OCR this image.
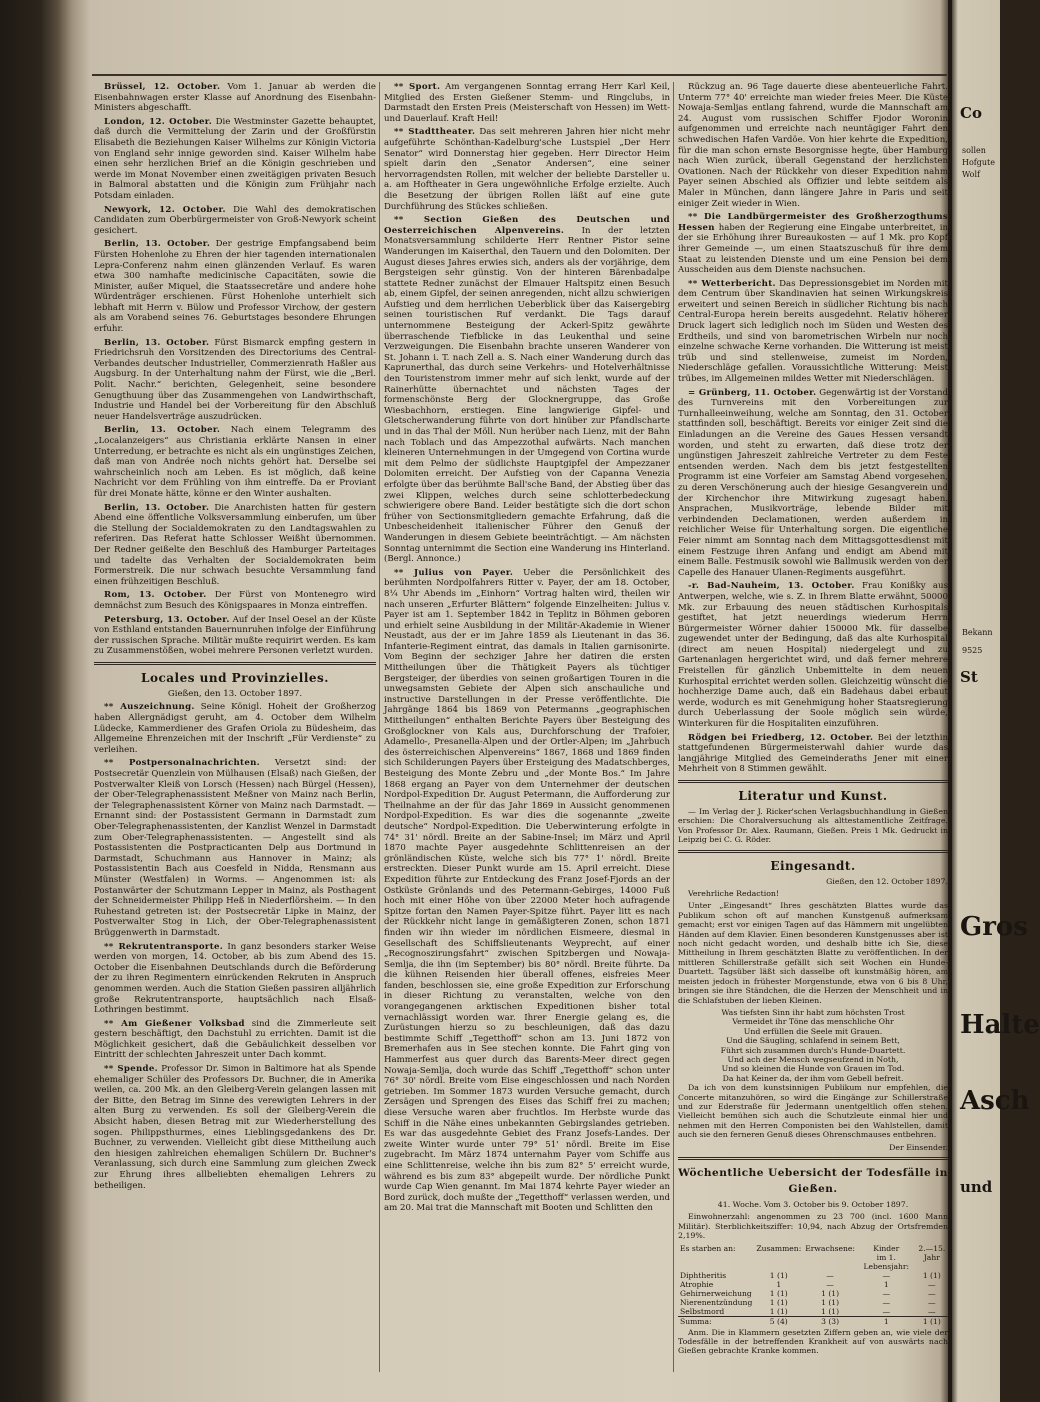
Brüssel, 12. October. Vom 1. Januar ab werden die Eisenbahnwagen erster Klasse auf Anordnung des Eisenbahn-Ministers abgeschafft.

London, 12. October. Die Westminster Gazette behauptet, daß durch die Vermittelung der Zarin und der Großfürstin Elisabeth die Beziehungen Kaiser Wilhelms zur Königin Victoria von England sehr innige geworden sind. Kaiser Wilhelm habe einen sehr herzlichen Brief an die Königin geschrieben und werde im Monat November einen zweitägigen privaten Besuch in Balmoral abstatten und die Königin zum Frühjahr nach Potsdam einladen.

Newyork, 12. October. Die Wahl des demokratischen Candidaten zum Oberbürgermeister von Groß-Newyork scheint gesichert.

Berlin, 13. October. Der gestrige Empfangsabend beim Fürsten Hohenlohe zu Ehren der hier tagenden internationalen Lepra-Conferenz nahm einen glänzenden Verlauf. Es waren etwa 300 namhafte medicinische Capacitäten, sowie die Minister, außer Miquel, die Staatssecretäre und andere hohe Würdenträger erschienen. Fürst Hohenlohe unterhielt sich lebhaft mit Herrn v. Bülow und Professor Virchow, der gestern als am Vorabend seines 76. Geburtstages besondere Ehrungen erfuhr.

Berlin, 13. October. Fürst Bismarck empfing gestern in Friedrichsruh den Vorsitzenden des Directoriums des Central-Verbandes deutscher Industrieller, Commerzienrath Haßler aus Augsburg. In der Unterhaltung nahm der Fürst, wie die „Berl. Polit. Nachr.“ berichten, Gelegenheit, seine besondere Genugthuung über das Zusammengehen von Landwirthschaft, Industrie und Handel bei der Vorbereitung für den Abschluß neuer Handelsverträge auszudrücken.

Berlin, 13. October. Nach einem Telegramm des „Localanzeigers“ aus Christiania erklärte Nansen in einer Unterredung, er betrachte es nicht als ein ungünstiges Zeichen, daß man von Andrée noch nichts gehört hat. Derselbe sei wahrscheinlich noch am Leben. Es ist möglich, daß keine Nachricht vor dem Frühling von ihm eintreffe. Da er Proviant für drei Monate hätte, könne er den Winter aushalten.

Berlin, 13. October. Die Anarchisten hatten für gestern Abend eine öffentliche Volksversammlung einberufen, um über die Stellung der Socialdemokraten zu den Landtagswahlen zu referiren. Das Referat hatte Schlosser Weißht übernommen. Der Redner geißelte den Beschluß des Hamburger Parteitages und tadelte das Verhalten der Socialdemokraten beim Formerstreik. Die nur schwach besuchte Versammlung fand einen frühzeitigen Beschluß.

Rom, 13. October. Der Fürst von Montenegro wird demnächst zum Besuch des Königspaares in Monza eintreffen.

Petersburg, 13. October. Auf der Insel Oesel an der Küste von Esthland entstanden Bauernunruhen infolge der Einführung der russischen Sprache. Militär mußte requirirt werden. Es kam zu Zusammenstößen, wobei mehrere Personen verletzt wurden.

Locales und Provinzielles.

Gießen, den 13. October 1897.

** Auszeichnung. Seine Königl. Hoheit der Großherzog haben Allergnädigst geruht, am 4. October dem Wilhelm Lüdecke, Kammerdiener des Grafen Oriola zu Büdesheim, das Allgemeine Ehrenzeichen mit der Inschrift „Für Verdienste“ zu verleihen.

** Postpersonalnachrichten. Versetzt sind: der Postsecretär Quenzlein von Mülhausen (Elsaß) nach Gießen, der Postverwalter Kleiß von Lorsch (Hessen) nach Bürgel (Hessen), der Ober-Telegraphenassistent Meßner von Mainz nach Berlin, der Telegraphenassistent Körner von Mainz nach Darmstadt. — Ernannt sind: der Postassistent Germann in Darmstadt zum Ober-Telegraphenassistenten, der Kanzlist Wenzel in Darmstadt zum Ober-Telegraphenassistenten. — Angestellt sind als Postassistenten die Postpracticanten Delp aus Dortmund in Darmstadt, Schuchmann aus Hannover in Mainz; als Postassistentin Bach aus Coesfeld in Nidda, Rensmann aus Münster (Westfalen) in Worms. — Angenommen ist: als Postanwärter der Schutzmann Lepper in Mainz, als Posthagent der Schneidermeister Philipp Heß in Niederflörsheim. — In den Ruhestand getreten ist: der Postsecretär Lipke in Mainz, der Postverwalter Stog in Lich, der Ober-Telegraphenassistent Brüggenwerth in Darmstadt.

** Rekrutentransporte. In ganz besonders starker Weise werden von morgen, 14. October, ab bis zum Abend des 15. October die Eisenbahnen Deutschlands durch die Beförderung der zu ihren Regimentern einrückenden Rekruten in Anspruch genommen werden. Auch die Station Gießen passiren alljährlich große Rekrutentransporte, hauptsächlich nach Elsaß-Lothringen bestimmt.

** Am Gießener Volksbad sind die Zimmerleute seit gestern beschäftigt, den Dachstuhl zu errichten. Damit ist die Möglichkeit gesichert, daß die Gebäulichkeit desselben vor Eintritt der schlechten Jahreszeit unter Dach kommt.

** Spende. Professor Dr. Simon in Baltimore hat als Spende ehemaliger Schüler des Professors Dr. Buchner, die in Amerika weilen, ca. 200 Mk. an den Gleiberg-Verein gelangen lassen mit der Bitte, den Betrag im Sinne des verewigten Lehrers in der alten Burg zu verwenden. Es soll der Gleiberg-Verein die Absicht haben, diesen Betrag mit zur Wiederherstellung des sogen. Philippsthurmes, eines Lieblingsgedankens des Dr. Buchner, zu verwenden. Vielleicht gibt diese Mittheilung auch den hiesigen zahlreichen ehemaligen Schülern Dr. Buchner's Veranlassung, sich durch eine Sammlung zum gleichen Zweck zur Ehrung ihres allbeliebten ehemaligen Lehrers zu betheiligen.

** Sport. Am vergangenen Sonntag errang Herr Karl Keil, Mitglied des Ersten Gießener Stemm- und Ringclubs, in Darmstadt den Ersten Preis (Meisterschaft von Hessen) im Wett- und Dauerlauf. Kraft Heil!

** Stadttheater. Das seit mehreren Jahren hier nicht mehr aufgeführte Schönthan-Kadelburg'sche Lustspiel „Der Herr Senator“ wird Donnerstag hier gegeben. Herr Director Heim spielt darin den „Senator Andersen“, eine seiner hervorragendsten Rollen, mit welcher der beliebte Darsteller u. a. am Hoftheater in Gera ungewöhnliche Erfolge erzielte. Auch die Besetzung der übrigen Rollen läßt auf eine gute Durchführung des Stückes schließen.

** Section Gießen des Deutschen und Oesterreichischen Alpenvereins. In der letzten Monatsversammlung schilderte Herr Rentner Pistor seine Wanderungen im Kaiserthal, den Tauern und den Dolomiten. Der August dieses Jahres erwies sich, anders als der vorjährige, dem Bergsteigen sehr günstig. Von der hinteren Bärenbadalpe stattete Redner zunächst der Elmauer Haltspitz einen Besuch ab, einem Gipfel, der seinen anregenden, nicht allzu schwierigen Aufstieg und dem herrlichen Ueberblick über das Kaisergebirg seinen touristischen Ruf verdankt. Die Tags darauf unternommene Besteigung der Ackerl-Spitz gewährte überraschende Tiefblicke in das Leukenthal und seine Verzweigungen. Die Eisenbahn brachte unseren Wanderer von St. Johann i. T. nach Zell a. S. Nach einer Wanderung durch das Kaprunerthal, das durch seine Verkehrs- und Hotelverhältnisse den Touristenstrom immer mehr auf sich lenkt, wurde auf der Rainerhütte übernachtet und nächsten Tages der formenschönste Berg der Glocknergruppe, das Große Wiesbachhorn, erstiegen. Eine langwierige Gipfel- und Gletscherwanderung führte von dort hinüber zur Pfandlscharte und in das Thal der Möll. Nun herüber nach Lienz, mit der Bahn nach Toblach und das Ampezzothal aufwärts. Nach manchen kleineren Unternehmungen in der Umgegend von Cortina wurde mit dem Pelmo der südlichste Hauptgipfel der Ampezzaner Dolomiten erreicht. Der Aufstieg von der Capanna Venezia erfolgte über das berühmte Ball'sche Band, der Abstieg über das zwei Klippen, welches durch seine schlotterbedeckung schwierigere obere Band. Leider bestätigte sich die dort schon früher von Sectionsmitgliedern gemachte Erfahrung, daß die Unbescheidenheit italienischer Führer den Genuß der Wanderungen in diesem Gebiete beeinträchtigt. — Am nächsten Sonntag unternimmt die Section eine Wanderung ins Hinterland. (Bergl. Annonce.)

** Julius von Payer. Ueber die Persönlichkeit des berühmten Nordpolfahrers Ritter v. Payer, der am 18. October, 8¼ Uhr Abends im „Einhorn“ Vortrag halten wird, theilen wir nach unseren „Erfurter Blättern“ folgende Einzelheiten: Julius v. Payer ist am 1. September 1842 in Teplitz in Böhmen geboren und erhielt seine Ausbildung in der Militär-Akademie in Wiener Neustadt, aus der er im Jahre 1859 als Lieutenant in das 36. Infanterie-Regiment eintrat, das damals in Italien garnisonirte. Vom Beginn der sechziger Jahre her datiren die ersten Mittheilungen über die Thätigkeit Payers als tüchtiger Bergsteiger, der überdies von seinen großartigen Touren in die unwegsamsten Gebiete der Alpen sich anschauliche und instructive Darstellungen in der Presse veröffentlichte. Die Jahrgänge 1864 bis 1869 von Petermanns „geographischen Mittheilungen“ enthalten Berichte Payers über Besteigung des Großglockner von Kals aus, Durchforschung der Trafoier, Adamello-, Presanella-Alpen und der Ortler-Alpen; im „Jahrbuch des österreichischen Alpenvereins“ 1867, 1868 und 1869 finden sich Schilderungen Payers über Ersteigung des Madatschberges, Besteigung des Monte Zebru und „der Monte Bos.“ Im Jahre 1868 ergang an Payer von dem Unternehmer der deutschen Nordpol-Expedition Dr. August Petermann, die Aufforderung zur Theilnahme an der für das Jahr 1869 in Aussicht genommenen Nordpol-Expedition. Es war dies die sogenannte „zweite deutsche“ Nordpol-Expedition. Die Ueberwinterung erfolgte in 74° 31' nördl. Breite an der Sabine-Insel; im März und April 1870 machte Payer ausgedehnte Schlittenreisen an der grönländischen Küste, welche sich bis 77° 1' nördl. Breite erstreckten. Dieser Punkt wurde am 15. April erreicht. Diese Expedition führte zur Entdeckung des Franz Josef-Fjords an der Ostküste Grönlands und des Petermann-Gebirges, 14000 Fuß hoch mit einer Höhe von über 22000 Meter hoch aufragende Spitze fortan den Namen Payer-Spitze führt. Payer litt es nach der Rückkehr nicht lange in gemäßigteren Zonen, schon 1871 finden wir ihn wieder im nördlichen Eismeere, diesmal in Gesellschaft des Schiffslieutenants Weyprecht, auf einer „Recognoszirungsfahrt“ zwischen Spitzbergen und Nowaja-Semlja, die ihn (im September) bis 80° nördl. Breite führte. Da die kühnen Reisenden hier überall offenes, eisfreies Meer fanden, beschlossen sie, eine große Expedition zur Erforschung in dieser Richtung zu veranstalten, welche von den vorangegangenen arktischen Expeditionen bisher total vernachlässigt worden war. Ihrer Energie gelang es, die Zurüstungen hierzu so zu beschleunigen, daß das dazu bestimmte Schiff „Tegetthoff“ schon am 13. Juni 1872 von Bremerhafen aus in See stechen konnte. Die Fahrt ging von Hammerfest aus quer durch das Barents-Meer direct gegen Nowaja-Semlja, doch wurde das Schiff „Tegetthoff“ schon unter 76° 30' nördl. Breite vom Eise eingeschlossen und nach Norden getrieben. Im Sommer 1873 wurden Versuche gemacht, durch Zersägen und Sprengen des Eises das Schiff frei zu machen; diese Versuche waren aber fruchtlos. Im Herbste wurde das Schiff in die Nähe eines unbekannten Gebirgslandes getrieben. Es war das ausgedehnte Gebiet des Franz Josefs-Landes. Der zweite Winter wurde unter 79° 51' nördl. Breite im Eise zugebracht. Im März 1874 unternahm Payer vom Schiffe aus eine Schlittenreise, welche ihn bis zum 82° 5' erreicht wurde, während es bis zum 83° abgepeilt wurde. Der nördliche Punkt wurde Cap Wien genannt. Im Mai 1874 kehrte Payer wieder an Bord zurück, doch mußte der „Tegetthoff“ verlassen werden, und am 20. Mai trat die Mannschaft mit Booten und Schlitten den

Rückzug an. 96 Tage dauerte diese abenteuerliche Fahrt. Unterm 77° 40' erreichte man wieder freies Meer. Die Küste Nowaja-Semljas entlang fahrend, wurde die Mannschaft am 24. August vom russischen Schiffer Fjodor Woronin aufgenommen und erreichte nach neuntägiger Fahrt den schwedischen Hafen Vardöe. Von hier kehrte die Expedition, für die man schon ernste Besorgnisse hegte, über Hamburg nach Wien zurück, überall Gegenstand der herzlichsten Ovationen. Nach der Rückkehr von dieser Expedition nahm Payer seinen Abschied als Offizier und lebte seitdem als Maler in München, dann längere Jahre in Paris und seit einiger Zeit wieder in Wien.

** Die Landbürgermeister des Großherzogthums Hessen haben der Regierung eine Eingabe unterbreitet, in der sie Erhöhung ihrer Bureaukosten — auf 1 Mk. pro Kopf ihrer Gemeinde —, um einen Staatszuschuß für ihre dem Staat zu leistenden Dienste und um eine Pension bei dem Ausscheiden aus dem Dienste nachsuchen.

** Wetterbericht. Das Depressionsgebiet im Norden mit dem Centrum über Skandinavien hat seinen Wirkungskreis erweitert und seinen Bereich in südlicher Richtung bis nach Central-Europa herein bereits ausgedehnt. Relativ höherer Druck lagert sich lediglich noch im Süden und Westen des Erdtheils, und sind von barometrischen Wirbeln nur noch einzelne schwache Kerne vorhanden. Die Witterung ist meist trüb und sind stellenweise, zumeist im Norden, Niederschläge gefallen. Voraussichtliche Witterung: Meist trübes, im Allgemeinen mildes Wetter mit Niederschlägen.

= Grünberg, 11. October. Gegenwärtig ist der Vorstand des Turnvereins mit den Vorbereitungen zur Turnhalleeinweihung, welche am Sonntag, den 31. October stattfinden soll, beschäftigt. Bereits vor einiger Zeit sind die Einladungen an die Vereine des Gaues Hessen versandt worden, und steht zu erwarten, daß diese trotz der ungünstigen Jahreszeit zahlreiche Vertreter zu dem Feste entsenden werden. Nach dem bis jetzt festgestellten Programm ist eine Vorfeier am Samstag Abend vorgesehen, zu deren Verschönerung auch der hiesige Gesangverein und der Kirchenchor ihre Mitwirkung zugesagt haben. Ansprachen, Musikvorträge, lebende Bilder mit verbindenden Declamationen, werden außerdem in reichlicher Weise für Unterhaltung sorgen. Die eigentliche Feier nimmt am Sonntag nach dem Mittagsgottesdienst mit einem Festzuge ihren Anfang und endigt am Abend mit einem Balle. Festmusik sowohl wie Ballmusik werden von der Capelle des Hanauer Ulanen-Regiments ausgeführt.

-r. Bad-Nauheim, 13. October. Frau Konißky aus Antwerpen, welche, wie s. Z. in Ihrem Blatte erwähnt, 50000 Mk. zur Erbauung des neuen städtischen Kurhospitals gestiftet, hat jetzt neuerdings wiederum Herrn Bürgermeister Wörner dahier 150000 Mk. für dasselbe zugewendet unter der Bedingung, daß das alte Kurhospital (direct am neuen Hospital) niedergelegt und zu Gartenanlagen hergerichtet wird, und daß ferner mehrere Freistellen für gänzlich Unbemittelte in dem neuen Kurhospital errichtet werden sollen. Gleichzeitig wünscht die hochherzige Dame auch, daß ein Badehaus dabei erbaut werde, wodurch es mit Genehmigung hoher Staatsregierung durch Ueberlassung der Soole möglich sein würde, Winterkuren für die Hospitaliten einzuführen.

Rödgen bei Friedberg, 12. October. Bei der letzthin stattgefundenen Bürgermeisterwahl dahier wurde das langjährige Mitglied des Gemeinderaths Jener mit einer Mehrheit von 8 Stimmen gewählt.

Literatur und Kunst.

— Im Verlag der J. Ricker'schen Verlagsbuchhandlung in Gießen erschien: Die Choralversuchung als alttestamentliche Zeitfrage. Von Professor Dr. Alex. Raumann, Gießen. Preis 1 Mk. Gedruckt in Leipzig bei C. G. Röder.

Eingesandt.

Gießen, den 12. October 1897.

Verehrliche Redaction!

Unter „Eingesandt“ Ihres geschätzten Blattes wurde das Publikum schon oft auf manchen Kunstgenuß aufmerksam gemacht; erst vor einigen Tagen auf das Hämmern mit ungelübten Händen auf dem Klavier. Einen besonderen Kunstgenusses aber ist noch nicht gedacht worden, und deshalb bitte ich Sie, diese Mittheilung in Ihrem geschätzten Blatte zu veröffentlichen. In der mittleren Schillerstraße gefällt sich seit Wochen ein Hunde-Duartett. Tagsüber läßt sich dasselbe oft kunstmäßig hören, am meisten jedoch in frühester Morgenstunde, etwa von 6 bis 8 Uhr, bringen sie ihre Ständchen, die die Herzen der Menschheit und in die Schlafstuben der lieben Kleinen.

Was tiefsten Sinn ihr habt zum höchsten Trost
Vermeidet ihr Töne das menschliche Ohr
Und erfüllen die Seele mit Grauen.
Und die Säugling, schlafend in seinem Bett,
Führt sich zusammen durch's Hunde-Duartett.
Und ach der Mensch wegseufzend in Noth,
Und so kleinen die Hunde von Grauen im Tod.
Da hat Keiner da, der ihm vom Gebell befreit.

Da ich von dem kunstsinnigen Publikum nur empfehlen, die Concerte mitanzuhören, so wird die Eingänge zur Schillerstraße und zur Ederstraße für Jedermann unentgeltlich offen stehen. Vielleicht bemühen sich auch die Schutzleute einmal hier und nehmen mit den Herren Componisten bei den Wahlstellen, damit auch sie den ferneren Genuß dieses Ohrenschmauses entbehren.

Der Einsender.

Wöchentliche Uebersicht der Todesfälle in Gießen.

41. Woche. Vom 3. October bis 9. October 1897.

Einwohnerzahl: angenommen zu 23 700 (incl. 1600 Mann Militär). Sterblichkeitsziffer: 10,94, nach Abzug der Ortsfremden 2,19%.

Es starben an:	Zusammen:	Erwachsene:	Kinder
im 1. Lebensjahr:	2.—15. Jahr
Diphtheritis	1 (1)	—	—	1 (1)
Atrophie	1	—	1	—
Gehirnerweichung	1 (1)	1 (1)	—	—
Nierenentzündung	1 (1)	1 (1)	—	—
Selbstmord	1 (1)	1 (1)	—	—
Summa:	5 (4)	3 (3)	1	1 (1)

Anm. Die in Klammern gesetzten Ziffern geben an, wie viele der Todesfälle in der betreffenden Krankheit auf von auswärts nach Gießen gebrachte Kranke kommen.

Co
sollen
Hofgute
Wolf
Bekann
9525
St
Gros
Halte
Asch
und
